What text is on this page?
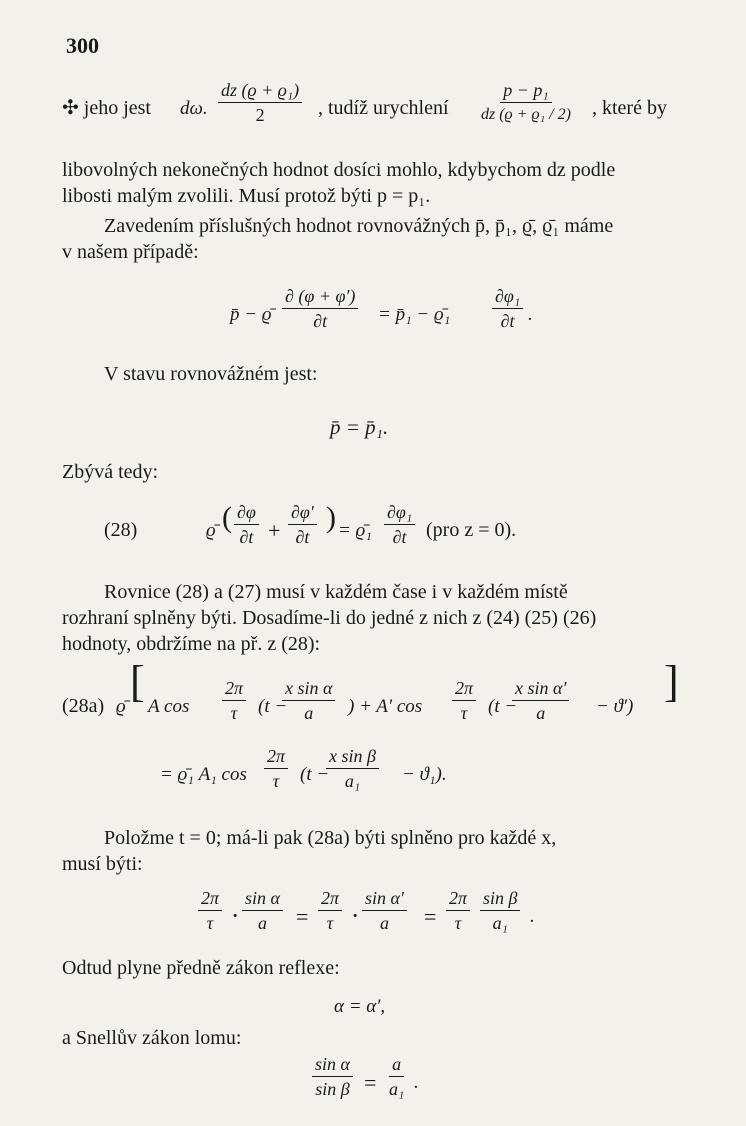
300
✣ jeho jest dω. $\frac{\text{dz (ϱ + ϱ₁)}}{2}$ , tudíž urychlení $\frac{\text{p − p₁}}{\text{dz (ϱ + ϱ₁ / 2)}}$ , které by
libovolných nekonečných hodnot dosíci mohlo, kdybychom dz podle
libosti malým zvolili. Musí protož býti p = p₁.
Zavedením příslušných hodnot rovnovážných p̄, p̄₁, ϱ̄, ϱ̄₁ máme
v našem případě:
p̄ − ϱ̄ $\frac{\partial (\varphi + \varphi')}{\partial t}$ = p̄₁ − ϱ̄₁ $\frac{\text{∂φ₁}}{\partial t}$ .
V stavu rovnovážném jest:
p̄ = p̄₁.
Zbývá tedy:
(28)	ϱ̄ ( $\frac{\partial\varphi}{\partial t} + \frac{\partial\varphi'}{\partial t}$ ) = ϱ̄₁ $\frac{\text{∂φ₁}}{\partial t} (pro$ z = 0).
Rovnice (28) a (27) musí v každém čase i v každém místě
rozhraní splněny býti. Dosadíme-li do jedné z nich z (24) (25) (26)
hodnoty, obdržíme na př. z (28):
(28a) ϱ̄
[
A $\cos \frac{2\pi}{\tau} (t$ −
$\frac{\text{x sin α}}{a}$ ) + A′ $\cos \frac{2\pi}{\tau} (t$ −
$\frac{\text{x sin α′}}{a} - ϑ'$)
]
= ϱ̄₁ A₁ $\cos \frac{2\pi}{\tau} (t$ −
$\frac{\text{x sin β}}{\text{a₁}} - ϑ_1$).
Položme t = 0; má-li pak (28a) býti splněno pro každé x,
musí býti:
$\frac{2\pi}{\tau} \cdot \frac{\text{sin α}}{a} = \frac{2\pi}{\tau} \cdot \frac{\text{sin α′}}{a} = \frac{2\pi}{\tau} \frac{\text{sin β}}{\text{a₁}}$ .
Odtud plyne předně zákon reflexe:
α = α′,
a Snellův zákon lomu:
$\frac{\text{sin α}}{\text{sin β}} = \frac{a}{\text{a₁}}$ .
